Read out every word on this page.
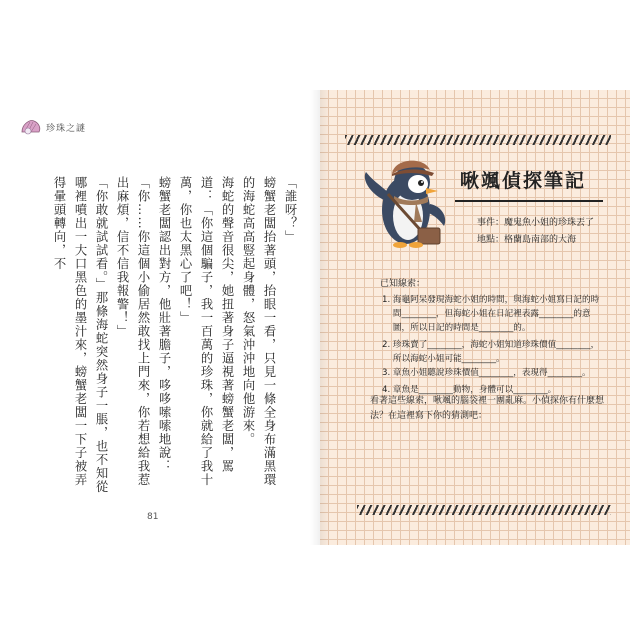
珍珠之謎

「誰呀？」

螃蟹老闆抬著頭，抬眼一看，只見一條全身布滿黑環的海蛇高高豎起身體，怒氣沖沖地向他游來。

海蛇的聲音很尖，她扭著身子逼視著螃蟹老闆，罵道：「你這個騙子，我一百萬的珍珠，你就給了我十萬，你也太黑心了吧！」

螃蟹老闆認出對方，他壯著膽子，哆哆嗦嗦地說：「你……你這個小偷居然敢找上門來，你若想給我惹出麻煩，信不信我報警！」

「你敢就試試看。」那條海蛇突然身子一脹，也不知從哪裡噴出一大口黑色的墨汁來，螃蟹老闆一下子被弄得暈頭轉向，不

81
啾颯偵探筆記
事件：魔鬼魚小姐的珍珠丟了
地點：格蘭島南部的大海
已知線索：
1. 海龜阿呆發現海蛇小姐的時間，與海蛇小姐寫日記的時
間________，但海蛇小姐在日記裡表露________的意
圖，所以日記的時間是________的。
2. 珍珠賣了________，海蛇小姐知道珍珠價值________，
所以海蛇小姐可能________。
3. 章魚小姐聽說珍珠價值________，表現得________。
4. 章魚是________動物，身體可以________。
看著這些線索，啾颯的腦袋裡一團亂麻。小偵探你有什麼想法？在這裡寫下你的猜測吧：
